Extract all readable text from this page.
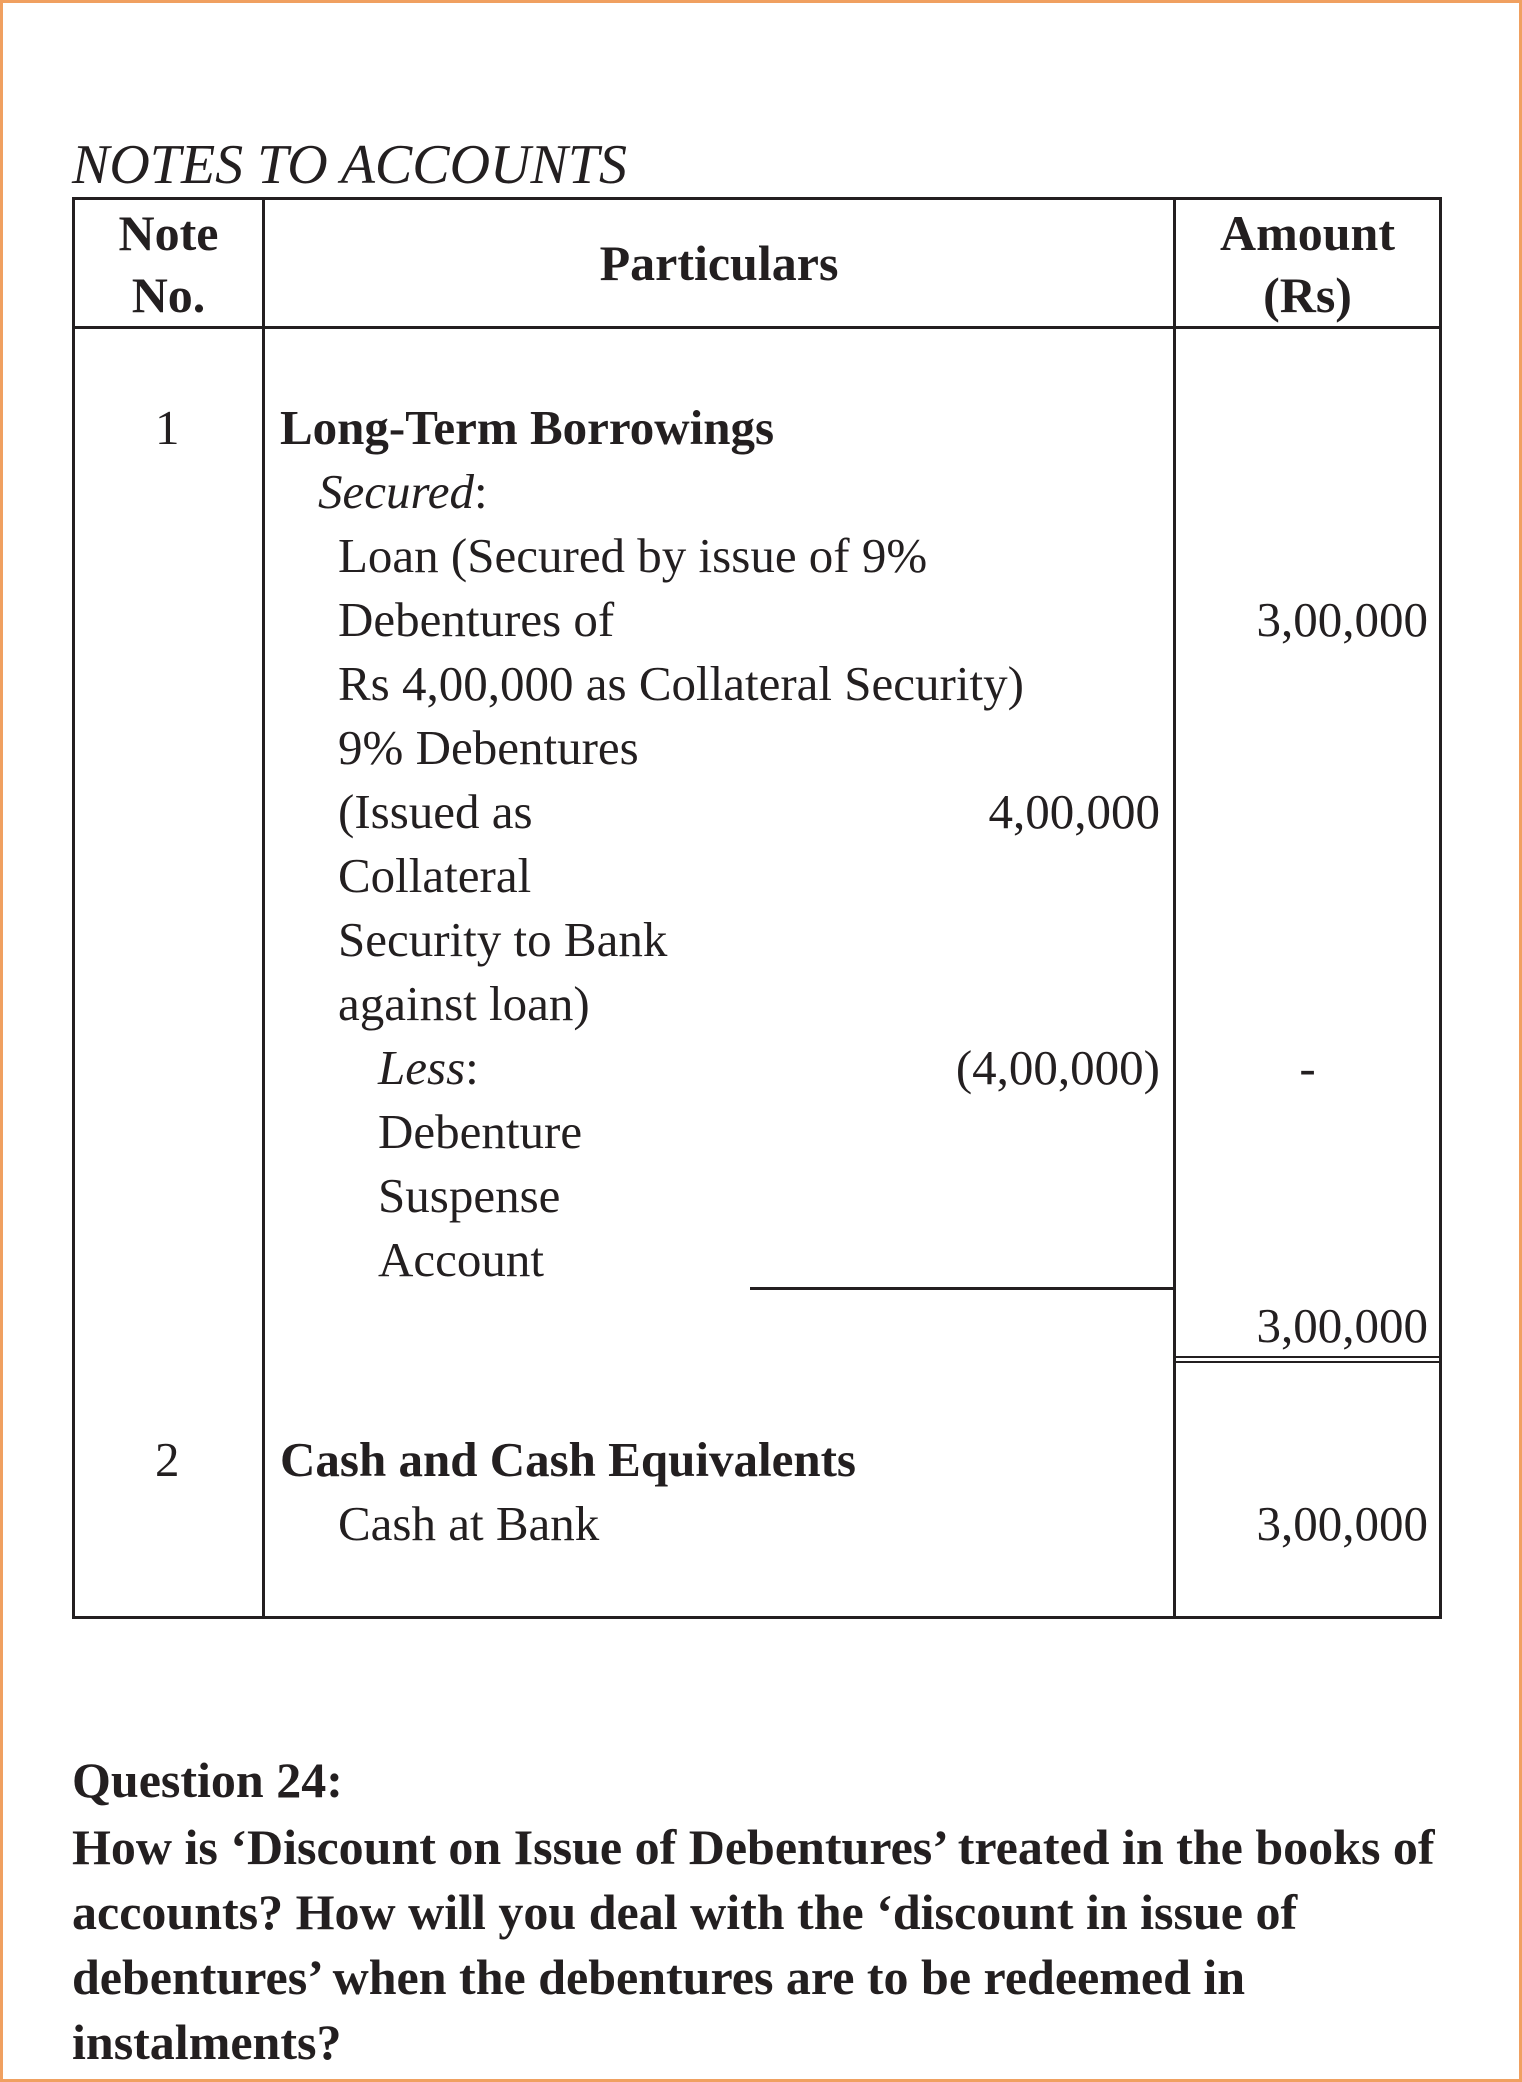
NOTES TO ACCOUNTS
Note
No.
Particulars
Amount
(Rs)
1 Long-Term Borrowings
Secured:
Loan (Secured by issue of 9%
Debentures of
Rs 4,00,000 as Collateral Security)
3,00,000
9% Debentures
(Issued as
Collateral
Security to Bank
against loan)
4,00,000
Less:
Debenture
Suspense
Account
(4,00,000)	-
3,00,000
2 Cash and Cash Equivalents
Cash at Bank	3,00,000

Question 24:

How is ‘Discount on Issue of Debentures’ treated in the books of accounts? How will you deal with the ‘discount in issue of debentures’ when the debentures are to be redeemed in instalments?
